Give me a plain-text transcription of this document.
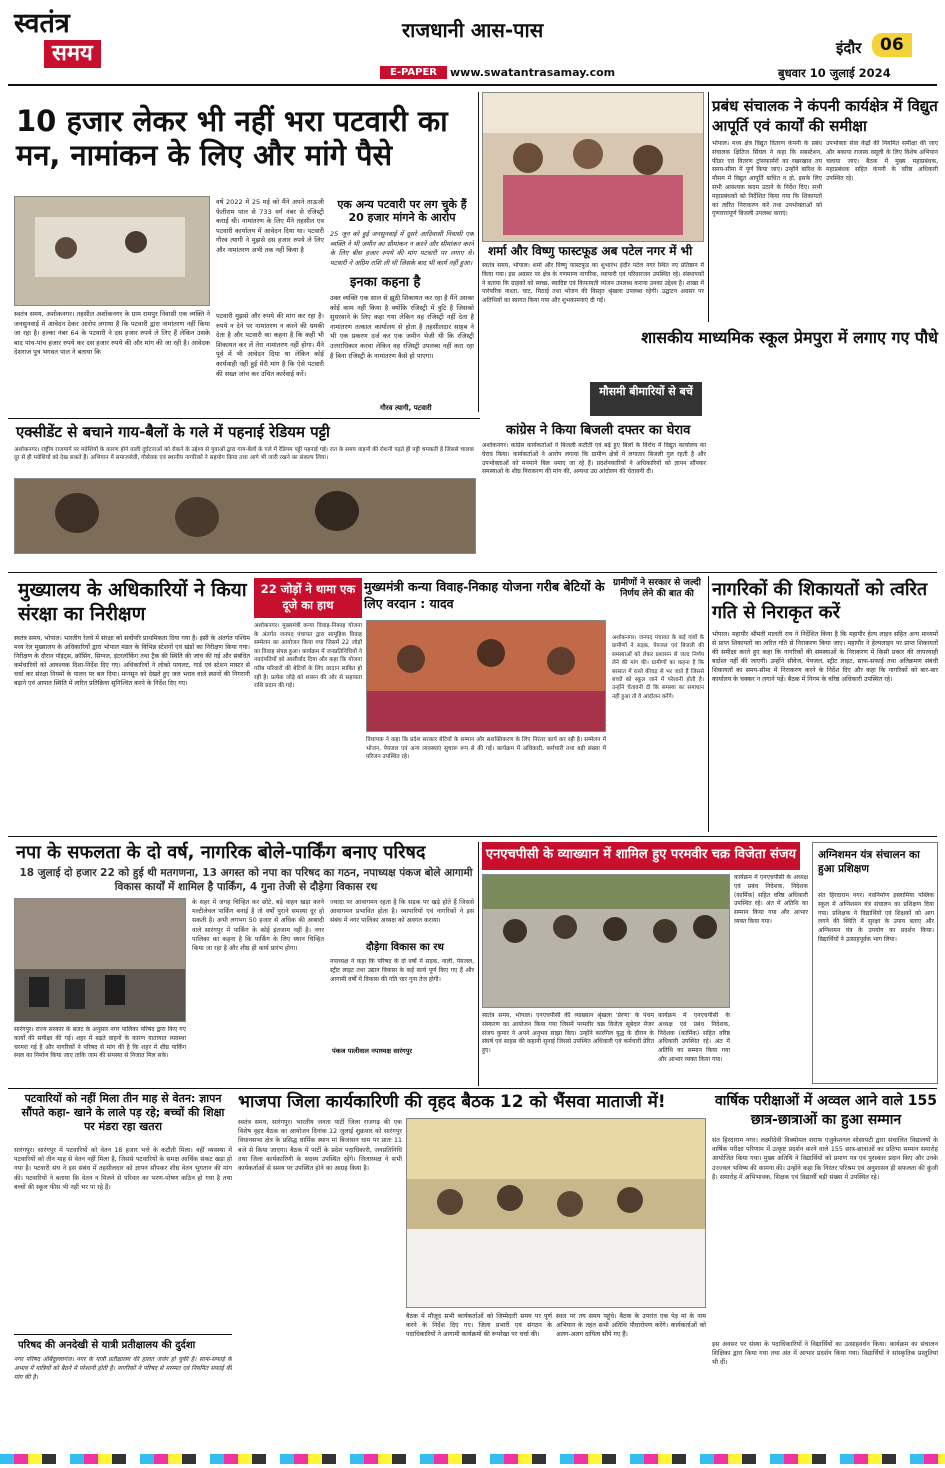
स्वतंत्र
समय
राजधानी आस-पास
E-PAPER	www.swatantrasamay.com
इंदौर	06
बुधवार 10 जुलाई 2024
10 हजार लेकर भी नहीं भरा पटवारी का मन, नामांकन के लिए और मांगे पैसे
स्वतंत्र समय, अशोकनगर। तहसील अशोकनगर के ग्राम रामपुर निवासी एक व्यक्ति ने जनसुनवाई में आवेदन देकर आरोप लगाया है कि पटवारी द्वारा नामांतरण नहीं किया जा रहा है। हल्का नंबर 64 के पटवारी ने दस हजार रुपये ले लिए हैं लेकिन उसके बाद पांच-पांच हजार रुपये कर दस हजार रुपये की और मांग की जा रही है। आवेदक देशराज पुत्र भगवत पाल ने बताया कि
वर्ष 2022 में 25 मई को मैंने अपने ताऊजी फेतीराम पाल से 733 वर्ग नंबर से रजिस्ट्री कराई थी। नामांतरण के लिए मैंने तहसील एव पटवारी कार्यालय में आवेदन दिया था। पटवारी गौरव त्यागी ने मुझसे दस हजार रुपये ले लिए और नामांतरण अभी तक नहीं किया है
एक अन्य पटवारी पर लग चुके हैं 20 हजार मांगने के आरोप
25 जून को हुई जनसुनवाई में दूसरे आदिवासी निवासी एक व्यक्ति ने भी जमीन का सीमांकन न करने और सीमांकन करने के लिए बीस हजार रुपये की मांग पटवारी पर लगाए थे। पटवारी ने अग्रिम राशि ली थी जिसके बाद भी कार्य नहीं हुआ।
इनका कहना है
उक्त व्यक्ति एक साल से झूठी शिकायत कर रहा है मैंने उसका कोई काम नहीं किया है क्योंकि रजिस्ट्री में त्रुटि है जिसको सुधरवाने के लिए कहा गया लेकिन वह रजिस्ट्री नहीं देता है नामांतरण तत्काल कार्यालय से होता है तहसीलदार साहब ने भी एक प्रकरण दर्ज कर एक जमीन भेजी थी कि रजिस्ट्री उत्तराधिकार करवा लेकिन वह रजिस्ट्री उपलब्ध नहीं करा रहा है बिना रजिस्ट्री के नामांतरण कैसे हो पाएगा।
गौरव त्यागी, पटवारी
पटवारी मुझसे और रुपये की मांग कर रहा है। रुपये न देने पर नामांतरण न करने की धमकी देता है और पटवारी का कहना है कि कहीं भी शिकायत कर लें तेरा नामांतरण नहीं होगा। मैंने पूर्व में भी आवेदन दिया था लेकिन कोई कार्यवाही नहीं हुई मेरी मांग है कि ऐसे पटवारी की सख्त जांच कर उचित कार्रवाई करें।
शर्मा और विष्णु फास्टफूड अब पटेल नगर में भी
स्वतंत्र समय, भोपाल। शर्मा और विष्णु फास्टफूड का शुभारंभ इंदौर पटेल नगर स्थित नए प्रतिष्ठान में किया गया। इस अवसर पर क्षेत्र के गणमान्य नागरिक, व्यापारी एवं परिवारजन उपस्थित रहे। संस्थापकों ने बताया कि ग्राहकों को स्वच्छ, स्वादिष्ट एवं किफायती व्यंजन उपलब्ध कराना उनका उद्देश्य है। शाखा में पारंपरिक नाश्ता, चाट, मिठाई तथा भोजन की विस्तृत श्रृंखला उपलब्ध रहेगी। उद्घाटन अवसर पर अतिथियों का स्वागत किया गया और शुभकामनाएं दी गईं।
मौसमी बीमारियों से बचें
प्रबंध संचालक ने कंपनी कार्यक्षेत्र में विद्युत आपूर्ति एवं कार्यों की समीक्षा
भोपाल। मध्य क्षेत्र विद्युत वितरण कंपनी के प्रबंध संचालक क्षितिज सिंघल ने कहा कि सबस्टेशन, फीडर एवं वितरण ट्रांसफार्मरों का रखरखाव तय समय-सीमा में पूर्ण किया जाए। उन्होंने बारिश के मौसम में विद्युत आपूर्ति बाधित न हो, इसके लिए सभी आवश्यक कदम उठाने के निर्देश दिए। सभी महाप्रबंधकों को निर्देशित किया गया कि शिकायतों का त्वरित निराकरण करें तथा उपभोक्ताओं को गुणवत्तापूर्ण बिजली उपलब्ध कराएं।
उपभोक्ता सेवा केंद्रों की नियमित समीक्षा की जाए और बकाया राजस्व वसूली के लिए विशेष अभियान चलाया जाए। बैठक में मुख्य महाप्रबंधक, महाप्रबंधक सहित कंपनी के वरिष्ठ अधिकारी उपस्थित रहे।
एक्सीडेंट से बचाने गाय-बैलों के गले में पहनाई रेडियम पट्टी
अशोकनगर। राष्ट्रीय राजमार्ग पर मवेशियों के कारण होने वाली दुर्घटनाओं को रोकने के उद्देश्य से युवाओं द्वारा गाय-बैलों के गले में रेडियम पट्टी पहनाई गई। रात के समय वाहनों की रोशनी पड़ते ही पट्टी चमकती है जिससे चालक दूर से ही मवेशियों को देख सकते हैं। अभियान में समाजसेवी, गौसेवक एवं स्थानीय नागरिकों ने सहयोग किया तथा आगे भी जारी रखने का संकल्प लिया।
कांग्रेस ने किया बिजली दफ्तर का घेराव
अशोकनगर। कांग्रेस कार्यकर्ताओं ने बिजली कटौती एवं बढ़े हुए बिलों के विरोध में विद्युत कार्यालय का घेराव किया। कार्यकर्ताओं ने आरोप लगाया कि ग्रामीण क्षेत्रों में लगातार बिजली गुल रहती है और उपभोक्ताओं को मनमाने बिल थमाए जा रहे हैं। प्रदर्शनकारियों ने अधिकारियों को ज्ञापन सौंपकर समस्याओं के शीघ्र निराकरण की मांग की, अन्यथा उग्र आंदोलन की चेतावनी दी।
शासकीय माध्यमिक स्कूल प्रेमपुरा में लगाए गए पौधे
मुख्यालय के अधिकारियों ने किया संरक्षा का निरीक्षण
स्वतंत्र समय, भोपाल। भारतीय रेलवे में संरक्षा को सर्वोपरि प्राथमिकता दिया गया है। इसी के अंतर्गत पश्चिम मध्य रेल मुख्यालय के अधिकारियों द्वारा भोपाल मंडल के विभिन्न स्टेशनों एवं खंडों का निरीक्षण किया गया। निरीक्षण के दौरान पॉइंट्स, क्रॉसिंग, सिग्नल, इंटरलॉकिंग तथा ट्रैक की स्थिति की जांच की गई और संबंधित कर्मचारियों को आवश्यक दिशा-निर्देश दिए गए। अधिकारियों ने लोको पायलट, गार्ड एवं स्टेशन मास्टर से चर्चा कर संरक्षा नियमों के पालन पर बल दिया। मानसून को देखते हुए जल भराव वाले स्थानों की निगरानी बढ़ाने एवं आपात स्थिति में त्वरित प्रतिक्रिया सुनिश्चित करने के निर्देश दिए गए।
22 जोड़ों ने थामा एक दूजे का हाथ
मुख्यमंत्री कन्या विवाह-निकाह योजना गरीब बेटियों के लिए वरदान : यादव
अशोकनगर। मुख्यमंत्री कन्या विवाह-निकाह योजना के अंतर्गत जनपद पंचायत द्वारा सामूहिक विवाह सम्मेलन का आयोजन किया गया जिसमें 22 जोड़ों का विवाह संपन्न हुआ। कार्यक्रम में जनप्रतिनिधियों ने नवदंपतियों को आशीर्वाद दिया और कहा कि योजना गरीब परिवारों की बेटियों के लिए वरदान साबित हो रही है। प्रत्येक जोड़े को शासन की ओर से सहायता राशि प्रदान की गई।
विधायक ने कहा कि प्रदेश सरकार बेटियों के सम्मान और सशक्तिकरण के लिए निरंतर कार्य कर रही है। सम्मेलन में भोजन, पेयजल एवं अन्य व्यवस्थाएं सुचारू रूप से की गईं। कार्यक्रम में अधिकारी, कर्मचारी तथा बड़ी संख्या में परिजन उपस्थित रहे।
ग्रामीणों ने सरकार से जल्दी निर्णय लेने की बात की
अशोकनगर। जनपद पंचायत के कई गांवों के ग्रामीणों ने सड़क, पेयजल एवं बिजली की समस्याओं को लेकर प्रशासन से जल्द निर्णय लेने की मांग की। ग्रामीणों का कहना है कि बरसात में रास्ते कीचड़ से भर जाते हैं जिससे बच्चों को स्कूल जाने में परेशानी होती है। उन्होंने चेतावनी दी कि समस्या का समाधान नहीं हुआ तो वे आंदोलन करेंगे।
नागरिकों की शिकायतों को त्वरित गति से निराकृत करें
भोपाल। महापौर श्रीमती मालती राय ने निर्देशित किया है कि महापौर हेल्प लाइन सहित अन्य माध्यमों से प्राप्त शिकायतों का त्वरित गति से निराकरण किया जाए। महापौर ने हेल्पलाइन पर प्राप्त शिकायतों की समीक्षा करते हुए कहा कि नागरिकों की समस्याओं के निराकरण में किसी प्रकार की लापरवाही बर्दाश्त नहीं की जाएगी। उन्होंने सीवेज, पेयजल, स्ट्रीट लाइट, साफ-सफाई तथा अतिक्रमण संबंधी शिकायतों का समय-सीमा में निराकरण करने के निर्देश दिए और कहा कि नागरिकों को बार-बार कार्यालय के चक्कर न लगाने पड़ें। बैठक में निगम के वरिष्ठ अधिकारी उपस्थित रहे।
नपा के सफलता के दो वर्ष, नागरिक बोले-पार्किंग बनाए परिषद
18 जुलाई दो हजार 22 को हुई थी मतगणना, 13 अगस्त को नपा का परिषद का गठन, नपाध्यक्ष पंकज बोले आगामी विकास कार्यों में शामिल है पार्किंग, 4 गुना तेजी से दौड़ेगा विकास रथ
सारंगपुर। राज्य सरकार के बजट के अनुसार नगर पालिका परिषद द्वारा किए गए कार्यों की समीक्षा की गई। शहर में बढ़ते वाहनों के कारण यातायात व्यवस्था चरमरा गई है और नागरिकों ने परिषद से मांग की है कि शहर में शीघ्र पार्किंग स्थल का निर्माण किया जाए ताकि जाम की समस्या से निजात मिल सके।
के शहर में जगह चिन्हित कर छोटे, बड़े वाहन खड़ा करने मल्टीलेवल पार्किंग बनाई है तो वर्षों पुराने समस्या दूर हो सकती है। अभी लगभग 50 हजार से अधिक की आबादी वाले सारंगपुर में पार्किंग के कोई इंतजाम नहीं है। नगर पालिका का कहना है कि पार्किंग के लिए स्थान चिन्हित किया जा रहा है और शीघ्र ही कार्य प्रारंभ होगा।
ज्यादा पर आवागमन रहता है कि सड़क पर खड़े होते हैं जिससे आवागमन प्रभावित होता है। व्यापारियों एवं नागरिकों ने इस संबंध में नगर पालिका अध्यक्ष को अवगत कराया।
दौड़ेगा विकास का रथ
नपाध्यक्ष ने कहा कि परिषद के दो वर्षों में सड़क, नाली, पेयजल, स्ट्रीट लाइट तथा उद्यान विकास के कई कार्य पूर्ण किए गए हैं और आगामी वर्षों में विकास की गति चार गुना तेज होगी।
पंकज पालीवाल नपाध्यक्ष सारंगपुर
एनएचपीसी के व्याख्यान में शामिल हुए परमवीर चक्र विजेता संजय
स्वतंत्र समय, भोपाल। एनएचपीसी की व्याख्यान श्रृंखला 'प्रेरणा' के पंचम संस्करण का आयोजन किया गया जिसमें परमवीर चक्र विजेता सूबेदार मेजर संजय कुमार ने अपने अनुभव साझा किए। उन्होंने कारगिल युद्ध के दौरान के संघर्ष एवं साहस की कहानी सुनाई जिससे उपस्थित अधिकारी एवं कर्मचारी प्रेरित हुए।
कार्यक्रम में एनएचपीसी के अध्यक्ष एवं प्रबंध निदेशक, निदेशक (कार्मिक) सहित वरिष्ठ अधिकारी उपस्थित रहे। अंत में अतिथि का सम्मान किया गया और आभार व्यक्त किया गया।
कार्यक्रम में एनएचपीसी के अध्यक्ष एवं प्रबंध निदेशक, निदेशक (कार्मिक) सहित वरिष्ठ अधिकारी उपस्थित रहे। अंत में अतिथि का सम्मान किया गया और आभार व्यक्त किया गया।
अग्निशमन यंत्र संचालन का हुआ प्रशिक्षण
संत हिरदाराम नगर। नवनिर्माण इस्लामिया पब्लिक स्कूल में अग्निशमन यंत्र संचालन का प्रशिक्षण दिया गया। प्रशिक्षक ने विद्यार्थियों एवं शिक्षकों को आग लगने की स्थिति में सुरक्षा के उपाय बताए और अग्निशमन यंत्र के उपयोग का प्रदर्शन किया। विद्यार्थियों ने उत्साहपूर्वक भाग लिया।
पटवारियों को नहीं मिला तीन माह से वेतन: ज्ञापन सौंपते कहा- खाने के लाले पड़ रहे; बच्चों की शिक्षा पर मंडरा रहा खतरा
सारंगपुर। सारंगपुर में पटवारियों को वेतन 18 हजार भत्ते के कटौती मिला। वहीं व्यवस्था में पटवारियों को तीन माह से वेतन नहीं मिला है, जिससे पटवारियों के समक्ष आर्थिक संकट खड़ा हो गया है। पटवारी संघ ने इस संबंध में तहसीलदार को ज्ञापन सौंपकर शीघ्र वेतन भुगतान की मांग की। पटवारियों ने बताया कि वेतन न मिलने से परिवार का भरण-पोषण कठिन हो गया है तथा बच्चों की स्कूल फीस भी नहीं भर पा रहे हैं।
परिषद की अनदेखी से यात्री प्रतीक्षालय की दुर्दशा
नगर परिषद ऑबैदुल्लागंज। नगर के यात्री प्रतीक्षालय की हालत जर्जर हो चुकी है। साफ-सफाई के अभाव में यात्रियों को बैठने में परेशानी होती है। नागरिकों ने परिषद से मरम्मत एवं नियमित सफाई की मांग की है।
भाजपा जिला कार्यकारिणी की वृहद बैठक 12 को भैंसवा माताजी में!
स्वतंत्र समय, सारंगपुर। भारतीय जनता पार्टी जिला राजगढ़ की एक विशेष वृहद बैठक का आयोजन दिनांक 12 जुलाई शुक्रवार को सारंगपुर विधानसभा क्षेत्र के प्रसिद्ध धार्मिक स्थान मां बिजासन धाम पर प्रातः 11 बजे से किया जाएगा। बैठक में पार्टी के प्रदेश पदाधिकारी, जनप्रतिनिधि तथा जिला कार्यकारिणी के सदस्य उपस्थित रहेंगे। जिलाध्यक्ष ने सभी कार्यकर्ताओं से समय पर उपस्थित होने का आग्रह किया है।
बैठक में मौजूद सभी कार्यकर्ताओं को जिम्मेदारी समय पर पूर्ण करने के निर्देश दिए गए। जिला प्रभारी एवं संगठन के पदाधिकारियों ने आगामी कार्यक्रमों की रूपरेखा पर चर्चा की।
स्थल पर तय समय पहुंचे। बैठक के उपरांत एक पेड़ मां के नाम अभियान के तहत सभी अतिथि पौधारोपण करेंगे। कार्यकर्ताओं को अलग-अलग दायित्व सौंपे गए हैं।
वार्षिक परीक्षाओं में अव्वल आने वाले 155 छात्र-छात्राओं का हुआ सम्मान
संत हिरदाराम नगर। लक्ष्मीदेवी विक्योमल शराफ एजुकेशनल सोसायटी द्वारा संचालित विद्यालयों के वार्षिक परीक्षा परिणाम में उत्कृष्ट प्रदर्शन करने वाले 155 छात्र-छात्राओं का प्रतिभा सम्मान समारोह आयोजित किया गया। मुख्य अतिथि ने विद्यार्थियों को प्रमाण पत्र एवं पुरस्कार प्रदान किए और उनके उज्ज्वल भविष्य की कामना की। उन्होंने कहा कि निरंतर परिश्रम एवं अनुशासन ही सफलता की कुंजी है। समारोह में अभिभावक, शिक्षक एवं विद्यार्थी बड़ी संख्या में उपस्थित रहे।
इस अवसर पर संस्था के पदाधिकारियों ने विद्यार्थियों का उत्साहवर्धन किया। कार्यक्रम का संचालन शिक्षिका द्वारा किया गया तथा अंत में आभार प्रदर्शन किया गया। विद्यार्थियों ने सांस्कृतिक प्रस्तुतियां भी दीं।
